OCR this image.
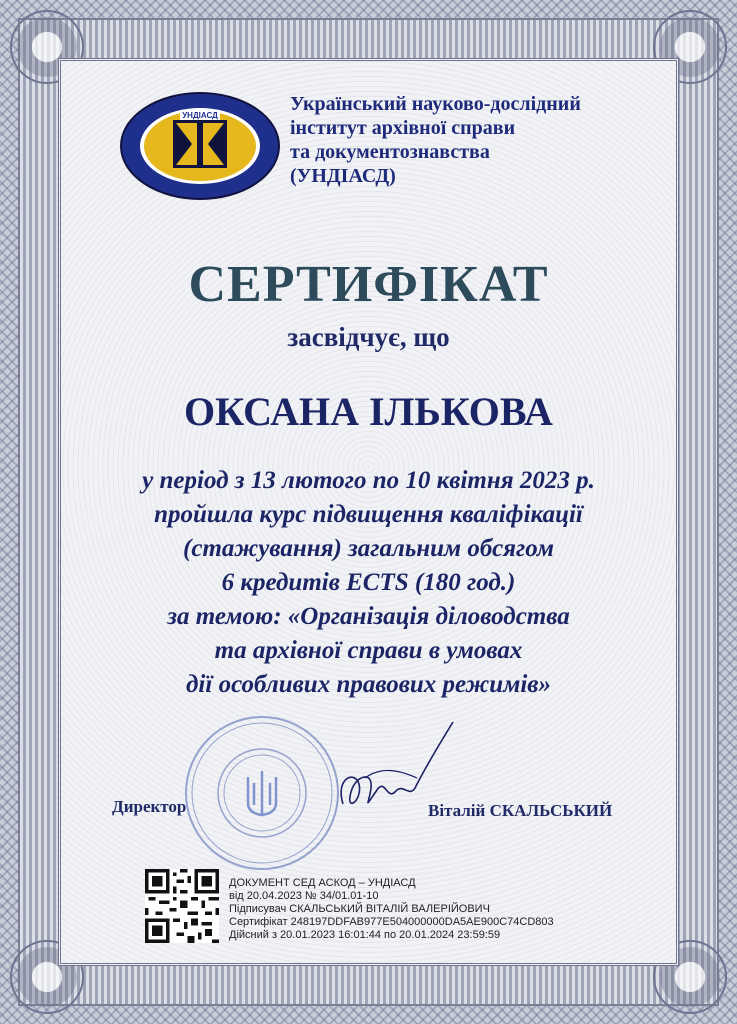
УНДІАСД
Український науково-дослідний
інститут архівної справи
та документознавства
(УНДІАСД)
СЕРТИФІКАТ
засвідчує, що
ОКСАНА ІЛЬКОВА
у період з 13 лютого по 10 квітня 2023 р.
пройшла курс підвищення кваліфікації
(стажування) загальним обсягом
6 кредитів ECTS (180 год.)
за темою: «Організація діловодства
та архівної справи в умовах
дії особливих правових режимів»
Директор	Віталій СКАЛЬСЬКИЙ
ДОКУМЕНТ СЕД АСКОД – УНДІАСД
від 20.04.2023 № 34/01.01-10
Підписувач СКАЛЬСЬКИЙ ВІТАЛІЙ ВАЛЕРІЙОВИЧ
Сертифікат 248197DDFAB977E504000000DA5AE900C74CD803
Дійсний з 20.01.2023 16:01:44 по 20.01.2024 23:59:59
